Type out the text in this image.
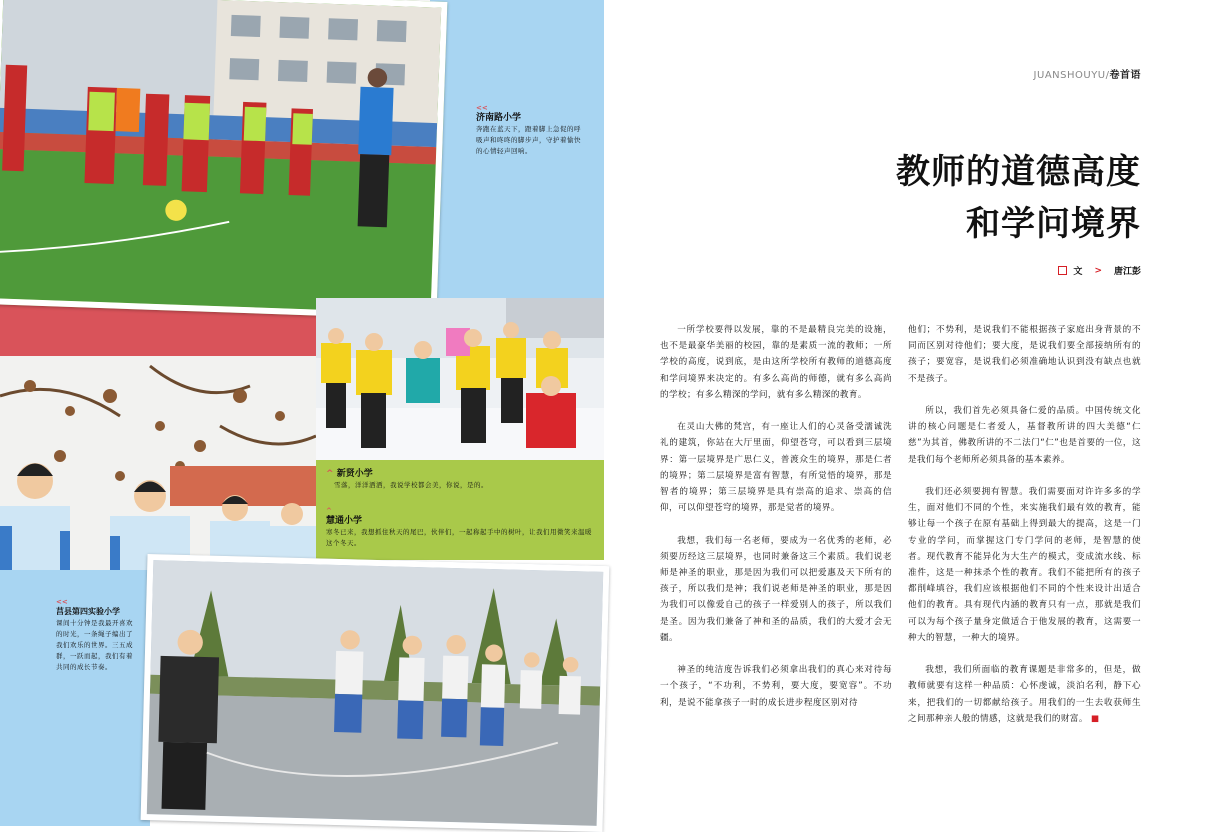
<<
济南路小学
奔跑在蓝天下，蹬着脚上急促的呼吸声和咚咚的脚步声，守护着愉快的心情轻声回响。
^ 新贤小学
雪落，洋洋洒洒，我说学校都会美，你说，是的。
^
慧通小学
寒冬已来，我想抓住秋天的尾巴，伙伴们，一起称起手中的树叶，让我们用微笑来温暖这个冬天。
<<
莒县第四实验小学
课间十分钟是我最开喜欢的时光，一条绳子编出了我们欢乐的世界。三五成群，一跃而起，我们有着共同的成长节奏。
JUANSHOUYU/卷首语
教师的道德高度
和学问境界
文 > 唐江彭

一所学校要得以发展，靠的不是最精良完美的设施，也不是最豪华美丽的校园，靠的是素质一流的教师；一所学校的高度，说到底，是由这所学校所有教师的道德高度和学问境界来决定的。有多么高尚的师德，就有多么高尚的学校；有多么精深的学问，就有多么精深的教育。

在灵山大佛的梵宫，有一座让人们的心灵备受濡诚洗礼的建筑，你站在大厅里面，仰望苍穹，可以看到三层境界：第一层境界是广思仁义，普渡众生的境界，那是仁者的境界；第二层境界是富有智慧，有所觉悟的境界，那是智者的境界；第三层境界是具有崇高的追求、崇高的信仰，可以仰望苍穹的境界，那是觉者的境界。

我想，我们每一名老师，要成为一名优秀的老师，必须要历经这三层境界，也同时兼备这三个素质。我们说老师是神圣的职业，那是因为我们可以把爱惠及天下所有的孩子，所以我们是神；我们说老师是神圣的职业，那是因为我们可以像爱自己的孩子一样爱别人的孩子，所以我们是圣。因为我们兼备了神和圣的品质，我们的大爱才会无疆。

神圣的纯洁度告诉我们必须拿出我们的真心来对待每一个孩子，“不功利，不势利，要大度，要宽容”。不功利，是说不能拿孩子一时的成长进步程度区别对待

他们；不势利，是说我们不能根据孩子家庭出身背景的不同而区别对待他们；要大度，是说我们要全部接纳所有的孩子；要宽容，是说我们必须准确地认识到没有缺点也就不是孩子。

所以，我们首先必须具备仁爱的品质。中国传统文化讲的核心问题是仁者爱人，基督教所讲的四大美德“仁慈”为其首，佛教所讲的不二法门“仁”也是首要的一位，这是我们每个老师所必须具备的基本素养。

我们还必须要拥有智慧。我们需要面对许许多多的学生，面对他们不同的个性，来实施我们最有效的教育，能够让每一个孩子在原有基础上得到最大的提高，这是一门专业的学问，而掌握这门专门学问的老师，是智慧的使者。现代教育不能异化为大生产的模式，变成流水线、标准件，这是一种抹杀个性的教育。我们不能把所有的孩子都削峰填谷，我们应该根据他们不同的个性来设计出适合他们的教育。具有现代内涵的教育只有一点，那就是我们可以为每个孩子量身定做适合于他发展的教育，这需要一种大的智慧，一种大的境界。

我想，我们所面临的教育课题是非常多的，但是，做教师就要有这样一种品质：心怀虔诚，淡泊名利，静下心来，把我们的一切都献给孩子。用我们的一生去收获师生之间那种亲人般的情感，这就是我们的财富。 ■
